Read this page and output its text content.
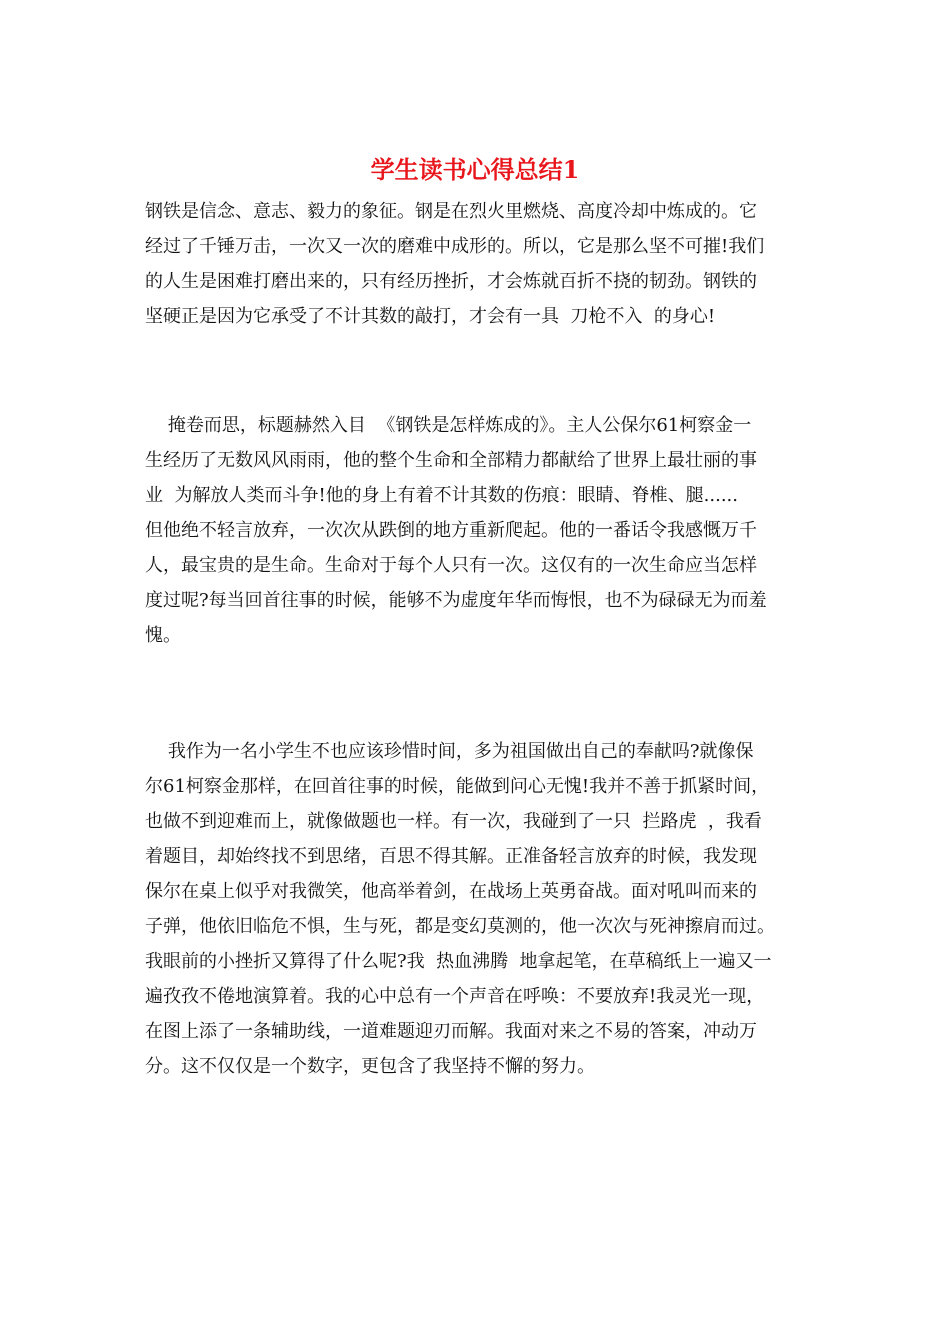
学生读书心得总结1

钢铁是信念、意志、毅力的象征。钢是在烈火里燃烧、高度冷却中炼成的。它
经过了千锤万击，一次又一次的磨难中成形的。所以，它是那么坚不可摧!我们
的人生是困难打磨出来的，只有经历挫折，才会炼就百折不挠的韧劲。钢铁的
坚硬正是因为它承受了不计其数的敲打，才会有一具  刀枪不入  的身心!

掩卷而思，标题赫然入目  《钢铁是怎样炼成的》。主人公保尔61柯察金一
生经历了无数风风雨雨，他的整个生命和全部精力都献给了世界上最壮丽的事
业  为解放人类而斗争!他的身上有着不计其数的伤痕：眼睛、脊椎、腿......
但他绝不轻言放弃，一次次从跌倒的地方重新爬起。他的一番话令我感慨万千
人，最宝贵的是生命。生命对于每个人只有一次。这仅有的一次生命应当怎样
度过呢?每当回首往事的时候，能够不为虚度年华而悔恨，也不为碌碌无为而羞
愧。

我作为一名小学生不也应该珍惜时间，多为祖国做出自己的奉献吗?就像保
尔61柯察金那样，在回首往事的时候，能做到问心无愧!我并不善于抓紧时间，
也做不到迎难而上，就像做题也一样。有一次，我碰到了一只  拦路虎  ，我看
着题目，却始终找不到思绪，百思不得其解。正准备轻言放弃的时候，我发现
保尔在桌上似乎对我微笑，他高举着剑，在战场上英勇奋战。面对吼叫而来的
子弹，他依旧临危不惧，生与死，都是变幻莫测的，他一次次与死神擦肩而过。
我眼前的小挫折又算得了什么呢?我  热血沸腾  地拿起笔，在草稿纸上一遍又一
遍孜孜不倦地演算着。我的心中总有一个声音在呼唤：不要放弃!我灵光一现，
在图上添了一条辅助线，一道难题迎刃而解。我面对来之不易的答案，冲动万
分。这不仅仅是一个数字，更包含了我坚持不懈的努力。
